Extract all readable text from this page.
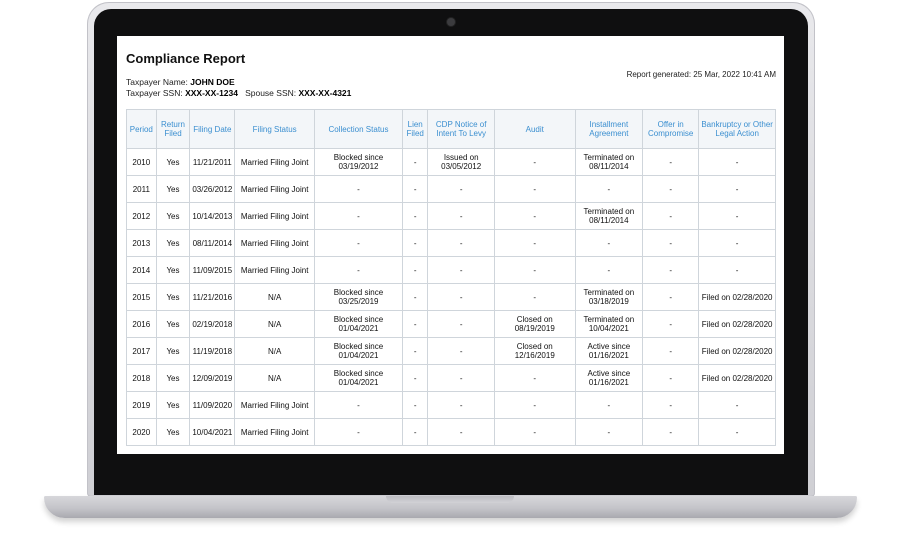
Compliance Report
Taxpayer Name: JOHN DOE
Taxpayer SSN: XXX-XX-1234 Spouse SSN: XXX-XX-4321
Report generated: 25 Mar, 2022 10:41 AM
Period	Return Filed	Filing Date	Filing Status	Collection Status	Lien Filed	CDP Notice of Intent To Levy	Audit	Installment Agreement	Offer in Compromise	Bankruptcy or Other Legal Action
2010	Yes	11/21/2011	Married Filing Joint	Blocked since 03/19/2012	-	Issued on 03/05/2012	-	Terminated on 08/11/2014	-	-
2011	Yes	03/26/2012	Married Filing Joint	-	-	-	-	-	-	-
2012	Yes	10/14/2013	Married Filing Joint	-	-	-	-	Terminated on 08/11/2014	-	-
2013	Yes	08/11/2014	Married Filing Joint	-	-	-	-	-	-	-
2014	Yes	11/09/2015	Married Filing Joint	-	-	-	-	-	-	-
2015	Yes	11/21/2016	N/A	Blocked since 03/25/2019	-	-	-	Terminated on 03/18/2019	-	Filed on 02/28/2020
2016	Yes	02/19/2018	N/A	Blocked since 01/04/2021	-	-	Closed on 08/19/2019	Terminated on 10/04/2021	-	Filed on 02/28/2020
2017	Yes	11/19/2018	N/A	Blocked since 01/04/2021	-	-	Closed on 12/16/2019	Active since 01/16/2021	-	Filed on 02/28/2020
2018	Yes	12/09/2019	N/A	Blocked since 01/04/2021	-	-	-	Active since 01/16/2021	-	Filed on 02/28/2020
2019	Yes	11/09/2020	Married Filing Joint	-	-	-	-	-	-	-
2020	Yes	10/04/2021	Married Filing Joint	-	-	-	-	-	-	-
